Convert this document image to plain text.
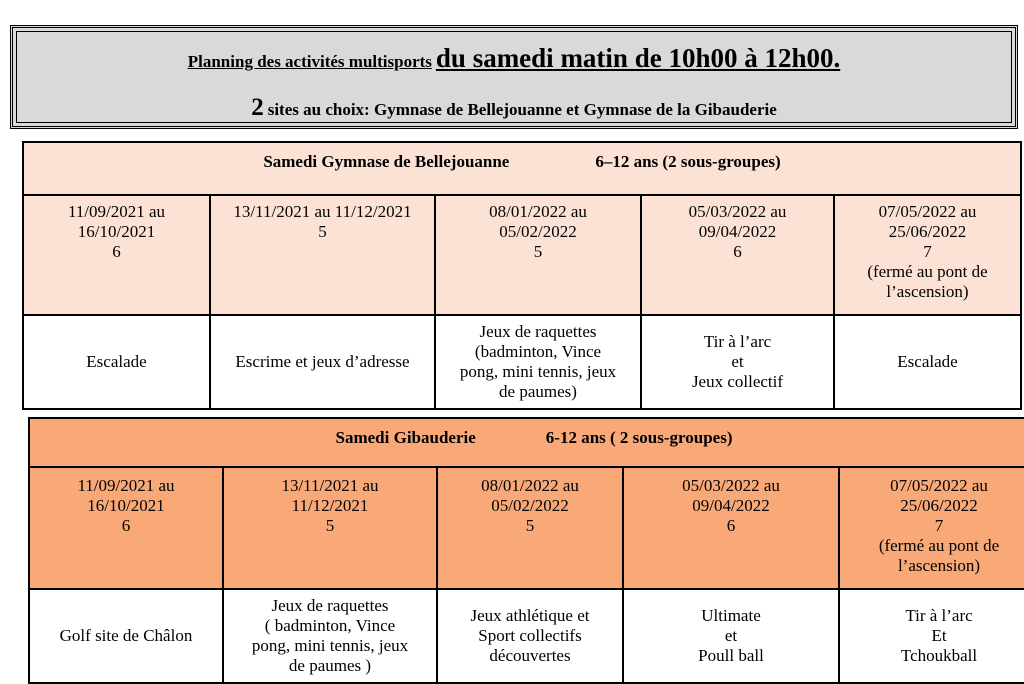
Planning des activités multisports du samedi matin de 10h00 à 12h00.
2 sites au choix: Gymnase de Bellejouanne et Gymnase de la Gibauderie
Samedi Gymnase de Bellejouanne 6–12 ans (2 sous-groupes)				

11/09/2021 au
16/10/2021
6	13/11/2021 au 11/12/2021
5	08/01/2022 au
05/02/2022
5	05/03/2022 au
09/04/2022
6	07/05/2022 au
25/06/2022
7
(fermé au pont de
l’ascension)

Escalade	Escrime et jeux d’adresse	Jeux de raquettes
(badminton, Vince
pong, mini tennis, jeux
de paumes)	Tir à l’arc
et
Jeux collectif	Escalade
Samedi Gibauderie 6-12 ans ( 2 sous-groupes)				

11/09/2021 au
16/10/2021
6	13/11/2021 au
11/12/2021
5	08/01/2022 au
05/02/2022
5	05/03/2022 au
09/04/2022
6	07/05/2022 au
25/06/2022
7
(fermé au pont de
l’ascension)

Golf site de Châlon	Jeux de raquettes
( badminton, Vince
pong, mini tennis, jeux
de paumes )	Jeux athlétique et
Sport collectifs
découvertes	Ultimate
et
Poull ball	Tir à l’arc
Et
Tchoukball
